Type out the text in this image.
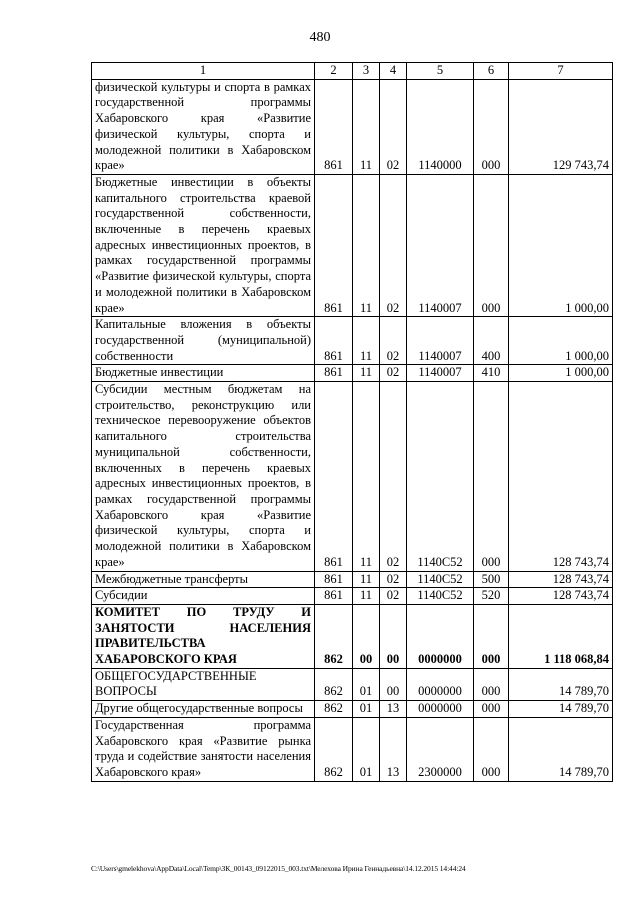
480
1	2	3	4	5	6	7
физической культуры и спорта в рамках государственной программы Хабаровского края «Развитие физической культуры, спорта и молодежной политики в Хабаровском крае»	861	11	02	1140000	000	129 743,74
Бюджетные инвестиции в объекты капитального строительства краевой государственной собственности, включенные в перечень краевых адресных инвестиционных проектов, в рамках государственной программы «Развитие физической культуры, спорта и молодежной политики в Хабаровском крае»	861	11	02	1140007	000	1 000,00
Капитальные вложения в объекты государственной (муниципальной) собственности	861	11	02	1140007	400	1 000,00
Бюджетные инвестиции	861	11	02	1140007	410	1 000,00
Субсидии местным бюджетам на строительство, реконструкцию или техническое перевооружение объектов капитального строительства муниципальной собственности, включенных в перечень краевых адресных инвестиционных проектов, в рамках государственной программы Хабаровского края «Развитие физической культуры, спорта и молодежной политики в Хабаровском крае»	861	11	02	1140C52	000	128 743,74
Межбюджетные трансферты	861	11	02	1140C52	500	128 743,74
Субсидии	861	11	02	1140C52	520	128 743,74
КОМИТЕТ ПО ТРУДУ И ЗАНЯТОСТИ НАСЕЛЕНИЯ ПРАВИТЕЛЬСТВА ХАБАРОВСКОГО КРАЯ	862	00	00	0000000	000	1 118 068,84
ОБЩЕГОСУДАРСТВЕННЫЕ ВОПРОСЫ	862	01	00	0000000	000	14 789,70
Другие общегосударственные вопросы	862	01	13	0000000	000	14 789,70
Государственная программа Хабаровского края «Развитие рынка труда и содействие занятости населения Хабаровского края»	862	01	13	2300000	000	14 789,70
C:\Users\gmelekhova\AppData\Local\Temp\ЗК_00143_09122015_003.txt\Мелехова Ирина Геннадьевна\14.12.2015 14:44:24
